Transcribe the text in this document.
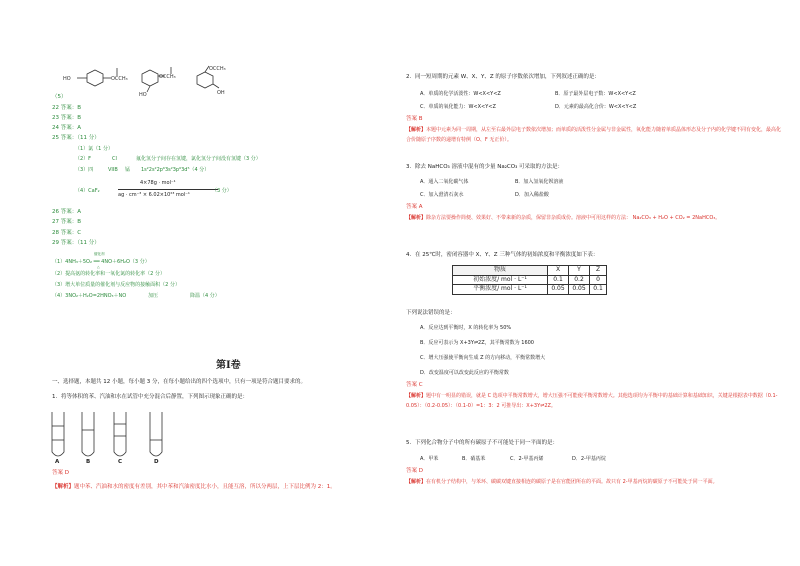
HO	OCCH₃	OCCH₃
HO
OCCH₃
OH
（5）
22 答案：B
23 答案：B
24 答案：A
25 答案：（11 分）
（1）氯（1 分）
（2）F	Cl	氟化氢分子间存在氢键，氯化氢分子间没有氢键（3 分）
（3）四	VIIB 锰 1s²2s²2p⁶3s²3p⁶3d⁵（4 分）
（4）CaF₂
4×78g · mol⁻¹
ag · cm⁻³ × 6.02×10²³ mol⁻¹
（3 分）
26 答案：A
27 答案：B
28 答案：C
29 答案：（11 分）
催化剂
（1）4NH₃＋5O₂ ══ 4NO＋6H₂O（3 分）
△
（2）提高氨的转化率和一氧化氮的转化率（2 分）
（3）增大单位质量的催化剂与反应物的接触面积（2 分）
（4）3NO₂＋H₂O=2HNO₃＋NO	加压	降温（4 分）
第Ⅰ卷
一、选择题，本题共 12 小题，每小题 3 分，在每小题给出的四个选项中，只有一项是符合题目要求的。
1．将等体积的苯、汽油和水在试管中充分混合后静置，下列图示现象正确的是：
A	B	C	D
答案 D
【解析】题中苯、汽油和水的密度有差别，其中苯和汽油密度比水小，且能互溶，所以分两层，上下层比例为 2：1。
2．同一短周期的元素 W、X、Y、Z 的原子序数依次增加，下列叙述正确的是：
A．单质的化学活泼性：W<X<Y<Z	B．原子最外层电子数：W<X<Y<Z
C．单质的氧化能力：W<X<Y<Z	D．元素的最高化合价：W<X<Y<Z
答案 B
【解析】本题中元素为同一周期，从左至右最外层电子数依次增加；而单质的活泼性分金属与非金属性，氧化能力随着单质晶体形态及分子内的化学键不同有变化，最高化合价随原子序数的递增有特例（O、F 无正价）。
3．除去 NaHCO₃ 溶液中混有的少量 Na₂CO₃ 可采取的方法是：
A．通入二氧化碳气体	B．加入氢氧化钡溶液
C．加入澄清石灰水	D．加入稀盐酸
答案 A
【解析】除杂方法要操作简便、效果好、不带来新的杂质，保留非杂质成份。溶液中可用这样的方法： Na₂CO₃ + H₂O + CO₂ = 2NaHCO₃。
4．在 25℃时，密闭容器中 X、Y、Z 三种气体的初始浓度和平衡浓度如下表：
物质	X	Y	Z
初始浓度/ mol · L⁻¹	0.1	0.2	0
平衡浓度/ mol · L⁻¹	0.05	0.05	0.1
下列说法错误的是：
A．反应达到平衡时，X 的转化率为 50%
B．反应可表示为 X+3Y⇌2Z，其平衡常数为 1600
C．增大压强使平衡向生成 Z 的方向移动，平衡常数增大
D．改变温度可以改变此反应的平衡常数
答案 C
【解析】题中有一明显的错误，就是 C 选项中平衡常数增大，增大压强不可能使平衡常数增大。其他选项均为平衡中的基础计算和基础知识，关键是根据表中数据（0.1-0.05）：（0.2-0.05）：（0.1-0）=1：3：2 可推导出：X+3Y⇌2Z。
5．下列化合物分子中的所有碳原子不可能处于同一平面的是：
A．甲苯	B．硝基苯	C．2-甲基丙烯	D．2-甲基丙烷
答案 D
【解析】在有机分子结构中，与苯环、碳碳双键直接相连的碳原子是在官能团所在的平面。故只有 2-甲基丙烷的碳原子不可能处于同一平面。
